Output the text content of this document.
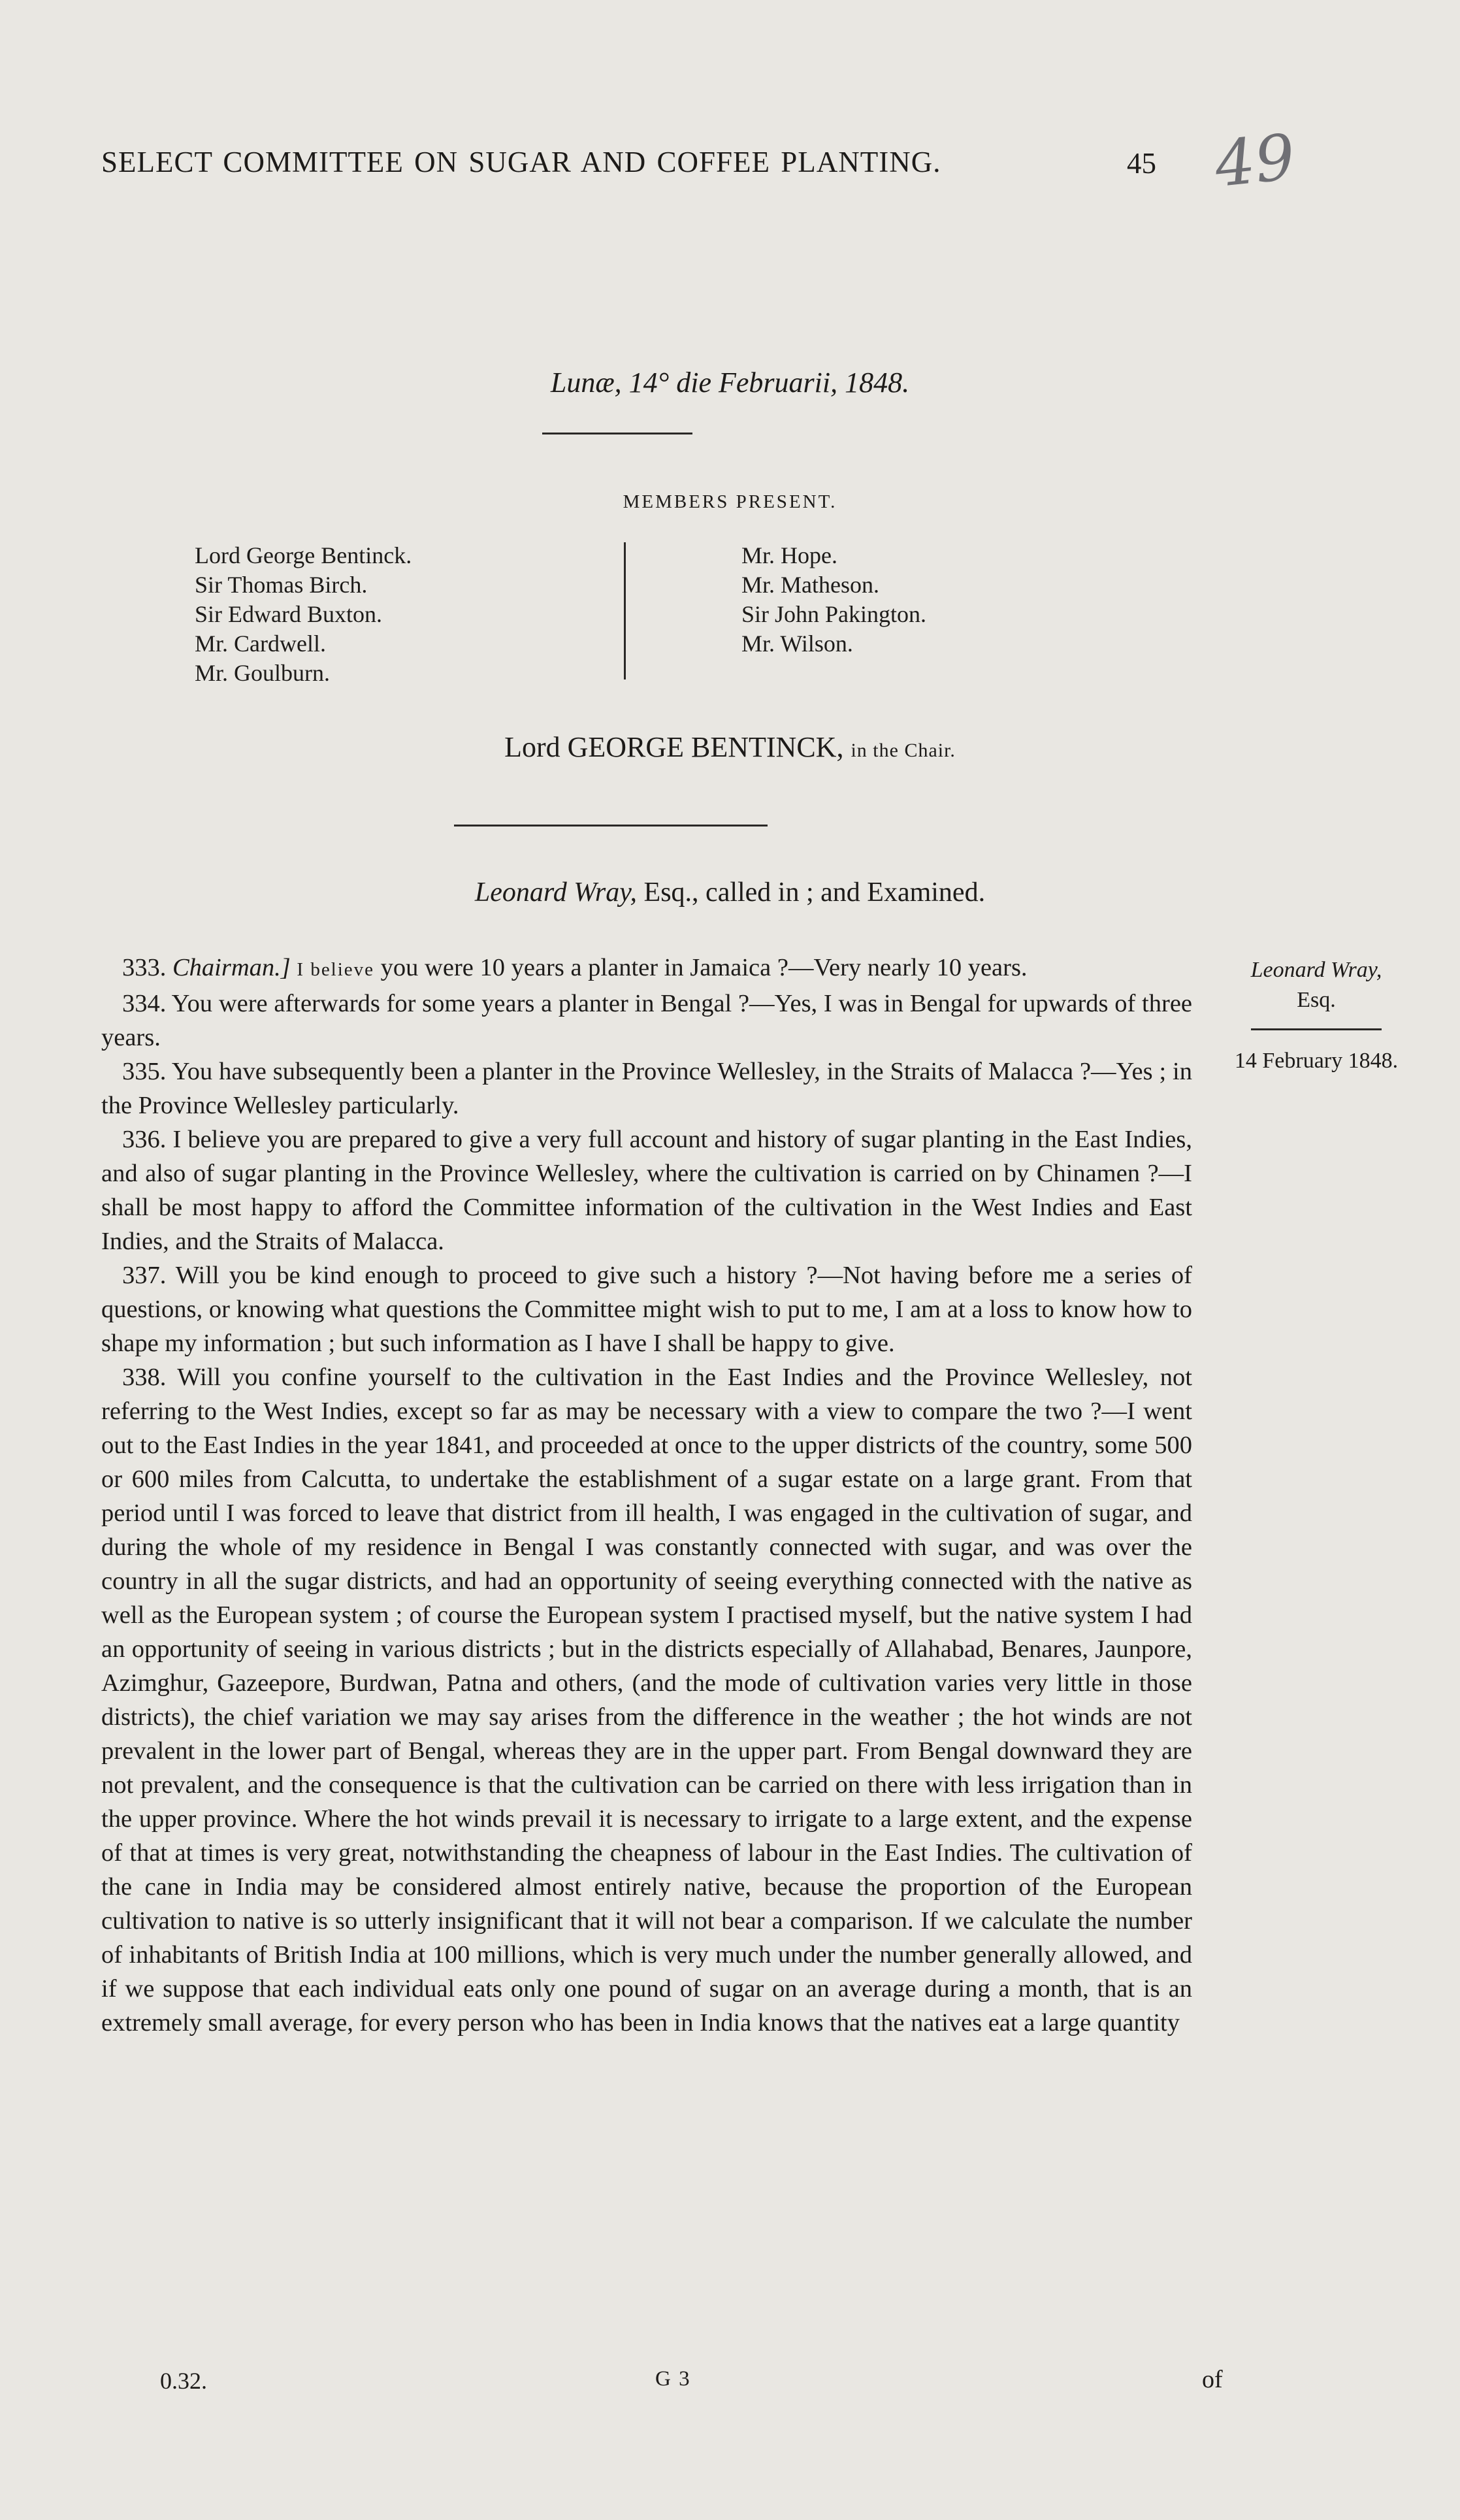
SELECT COMMITTEE ON SUGAR AND COFFEE PLANTING.	45 49
Lunæ, 14° die Februarii, 1848.
MEMBERS PRESENT.
Lord George Bentinck.
Sir Thomas Birch.
Sir Edward Buxton.
Mr. Cardwell.
Mr. Goulburn.
Mr. Hope.
Mr. Matheson.
Sir John Pakington.
Mr. Wilson.
Lord GEORGE BENTINCK, in the Chair.
Leonard Wray, Esq., called in ; and Examined.
Leonard Wray,
Esq.
14 February 1848.

333. Chairman.] I believe you were 10 years a planter in Jamaica ?—Very nearly 10 years.

334. You were afterwards for some years a planter in Bengal ?—Yes, I was in Bengal for upwards of three years.

335. You have subsequently been a planter in the Province Wellesley, in the Straits of Malacca ?—Yes ; in the Province Wellesley particularly.

336. I believe you are prepared to give a very full account and history of sugar planting in the East Indies, and also of sugar planting in the Province Wellesley, where the cultivation is carried on by Chinamen ?—I shall be most happy to afford the Committee information of the cultivation in the West Indies and East Indies, and the Straits of Malacca.

337. Will you be kind enough to proceed to give such a history ?—Not having before me a series of questions, or knowing what questions the Committee might wish to put to me, I am at a loss to know how to shape my information ; but such information as I have I shall be happy to give.

338. Will you confine yourself to the cultivation in the East Indies and the Province Wellesley, not referring to the West Indies, except so far as may be necessary with a view to compare the two ?—I went out to the East Indies in the year 1841, and proceeded at once to the upper districts of the country, some 500 or 600 miles from Calcutta, to undertake the establishment of a sugar estate on a large grant. From that period until I was forced to leave that district from ill health, I was engaged in the cultivation of sugar, and during the whole of my residence in Bengal I was constantly connected with sugar, and was over the country in all the sugar districts, and had an opportunity of seeing everything connected with the native as well as the European system ; of course the European system I practised myself, but the native system I had an opportunity of seeing in various districts ; but in the districts especially of Allahabad, Benares, Jaunpore, Azimghur, Gazeepore, Burdwan, Patna and others, (and the mode of cultivation varies very little in those districts), the chief variation we may say arises from the difference in the weather ; the hot winds are not prevalent in the lower part of Bengal, whereas they are in the upper part. From Bengal downward they are not prevalent, and the consequence is that the cultivation can be carried on there with less irrigation than in the upper province. Where the hot winds prevail it is necessary to irrigate to a large extent, and the expense of that at times is very great, notwithstanding the cheapness of labour in the East Indies. The cultivation of the cane in India may be considered almost entirely native, because the proportion of the European cultivation to native is so utterly insignificant that it will not bear a comparison. If we calculate the number of inhabitants of British India at 100 millions, which is very much under the number generally allowed, and if we suppose that each individual eats only one pound of sugar on an average during a month, that is an extremely small average, for every person who has been in India knows that the natives eat a large quantity

0.32.	G 3	of
